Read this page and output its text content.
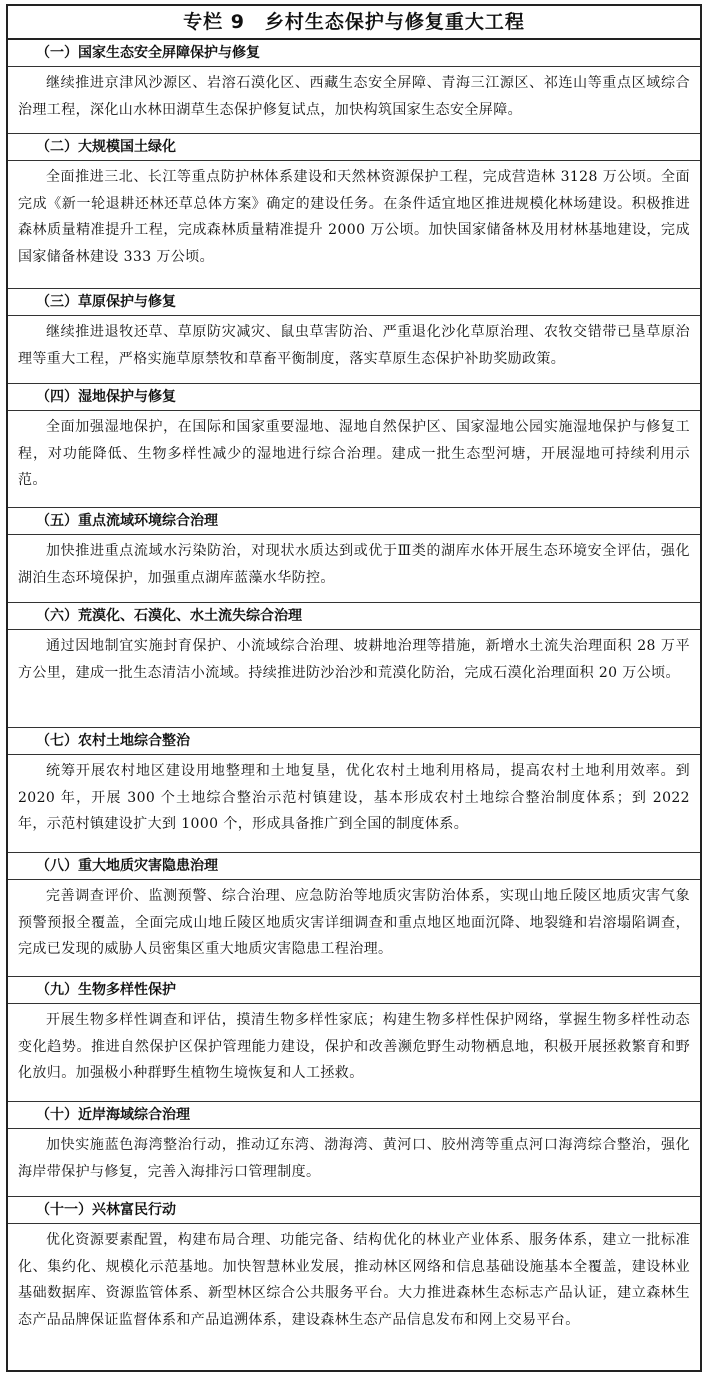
专栏 9　乡村生态保护与修复重大工程
（一）国家生态安全屏障保护与修复
继续推进京津风沙源区、岩溶石漠化区、西藏生态安全屏障、青海三江源区、祁连山等重点区域综合治理工程，深化山水林田湖草生态保护修复试点，加快构筑国家生态安全屏障。
（二）大规模国土绿化
全面推进三北、长江等重点防护林体系建设和天然林资源保护工程，完成营造林 3128 万公顷。全面完成《新一轮退耕还林还草总体方案》确定的建设任务。在条件适宜地区推进规模化林场建设。积极推进森林质量精准提升工程，完成森林质量精准提升 2000 万公顷。加快国家储备林及用材林基地建设，完成国家储备林建设 333 万公顷。
（三）草原保护与修复
继续推进退牧还草、草原防灾减灾、鼠虫草害防治、严重退化沙化草原治理、农牧交错带已垦草原治理等重大工程，严格实施草原禁牧和草畜平衡制度，落实草原生态保护补助奖励政策。
（四）湿地保护与修复
全面加强湿地保护，在国际和国家重要湿地、湿地自然保护区、国家湿地公园实施湿地保护与修复工程，对功能降低、生物多样性减少的湿地进行综合治理。建成一批生态型河塘，开展湿地可持续利用示范。
（五）重点流域环境综合治理
加快推进重点流域水污染防治，对现状水质达到或优于Ⅲ类的湖库水体开展生态环境安全评估，强化湖泊生态环境保护，加强重点湖库蓝藻水华防控。
（六）荒漠化、石漠化、水土流失综合治理
通过因地制宜实施封育保护、小流域综合治理、坡耕地治理等措施，新增水土流失治理面积 28 万平方公里，建成一批生态清洁小流域。持续推进防沙治沙和荒漠化防治，完成石漠化治理面积 20 万公顷。
（七）农村土地综合整治
统筹开展农村地区建设用地整理和土地复垦，优化农村土地利用格局，提高农村土地利用效率。到 2020 年，开展 300 个土地综合整治示范村镇建设，基本形成农村土地综合整治制度体系；到 2022 年，示范村镇建设扩大到 1000 个，形成具备推广到全国的制度体系。
（八）重大地质灾害隐患治理
完善调查评价、监测预警、综合治理、应急防治等地质灾害防治体系，实现山地丘陵区地质灾害气象预警预报全覆盖，全面完成山地丘陵区地质灾害详细调查和重点地区地面沉降、地裂缝和岩溶塌陷调查，完成已发现的威胁人员密集区重大地质灾害隐患工程治理。
（九）生物多样性保护
开展生物多样性调查和评估，摸清生物多样性家底；构建生物多样性保护网络，掌握生物多样性动态变化趋势。推进自然保护区保护管理能力建设，保护和改善濒危野生动物栖息地，积极开展拯救繁育和野化放归。加强极小种群野生植物生境恢复和人工拯救。
（十）近岸海域综合治理
加快实施蓝色海湾整治行动，推动辽东湾、渤海湾、黄河口、胶州湾等重点河口海湾综合整治，强化海岸带保护与修复，完善入海排污口管理制度。
（十一）兴林富民行动
优化资源要素配置，构建布局合理、功能完备、结构优化的林业产业体系、服务体系，建立一批标准化、集约化、规模化示范基地。加快智慧林业发展，推动林区网络和信息基础设施基本全覆盖，建设林业基础数据库、资源监管体系、新型林区综合公共服务平台。大力推进森林生态标志产品认证，建立森林生态产品品牌保证监督体系和产品追溯体系，建设森林生态产品信息发布和网上交易平台。
